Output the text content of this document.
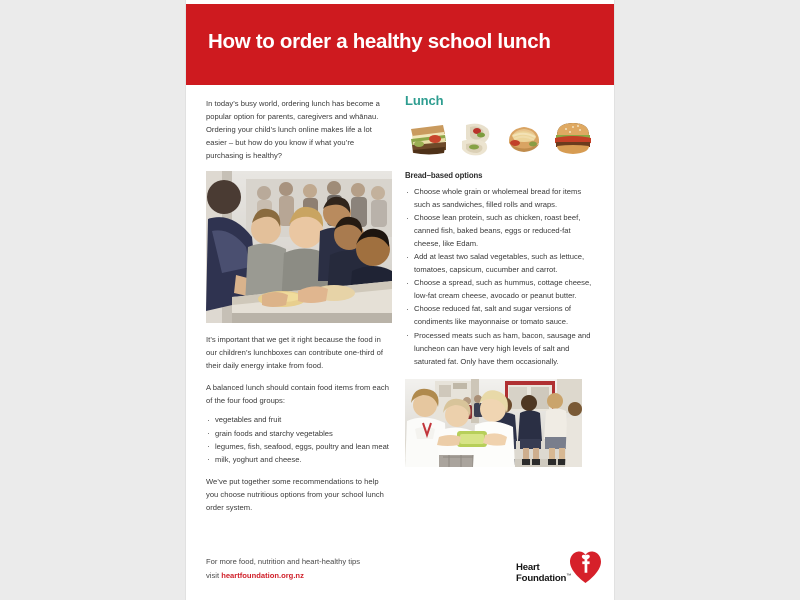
How to order a healthy school lunch

In today’s busy world, ordering lunch has become a popular option for parents, caregivers and whānau. Ordering your child’s lunch online makes life a lot easier – but how do you know if what you’re purchasing is healthy?

It’s important that we get it right because the food in our children’s lunchboxes can contribute one-third of their daily energy intake from food.

A balanced lunch should contain food items from each of the four food groups:

· vegetables and fruit
· grain foods and starchy vegetables
· legumes, fish, seafood, eggs, poultry and lean meat
· milk, yoghurt and cheese.

We’ve put together some recommendations to help you choose nutritious options from your school lunch order system.

Lunch
Bread–based options
· Choose whole grain or wholemeal bread for items such as sandwiches, filled rolls and wraps.
· Choose lean protein, such as chicken, roast beef, canned fish, baked beans, eggs or reduced-fat cheese, like Edam.
· Add at least two salad vegetables, such as lettuce, tomatoes, capsicum, cucumber and carrot.
· Choose a spread, such as hummus, cottage cheese, low-fat cream cheese, avocado or peanut butter.
· Choose reduced fat, salt and sugar versions of condiments like mayonnaise or tomato sauce.
· Processed meats such as ham, bacon, sausage and luncheon can have very high levels of salt and saturated fat. Only have them occasionally.
For more food, nutrition and heart-healthy tips
visit heartfoundation.org.nz
Heart
Foundation™
